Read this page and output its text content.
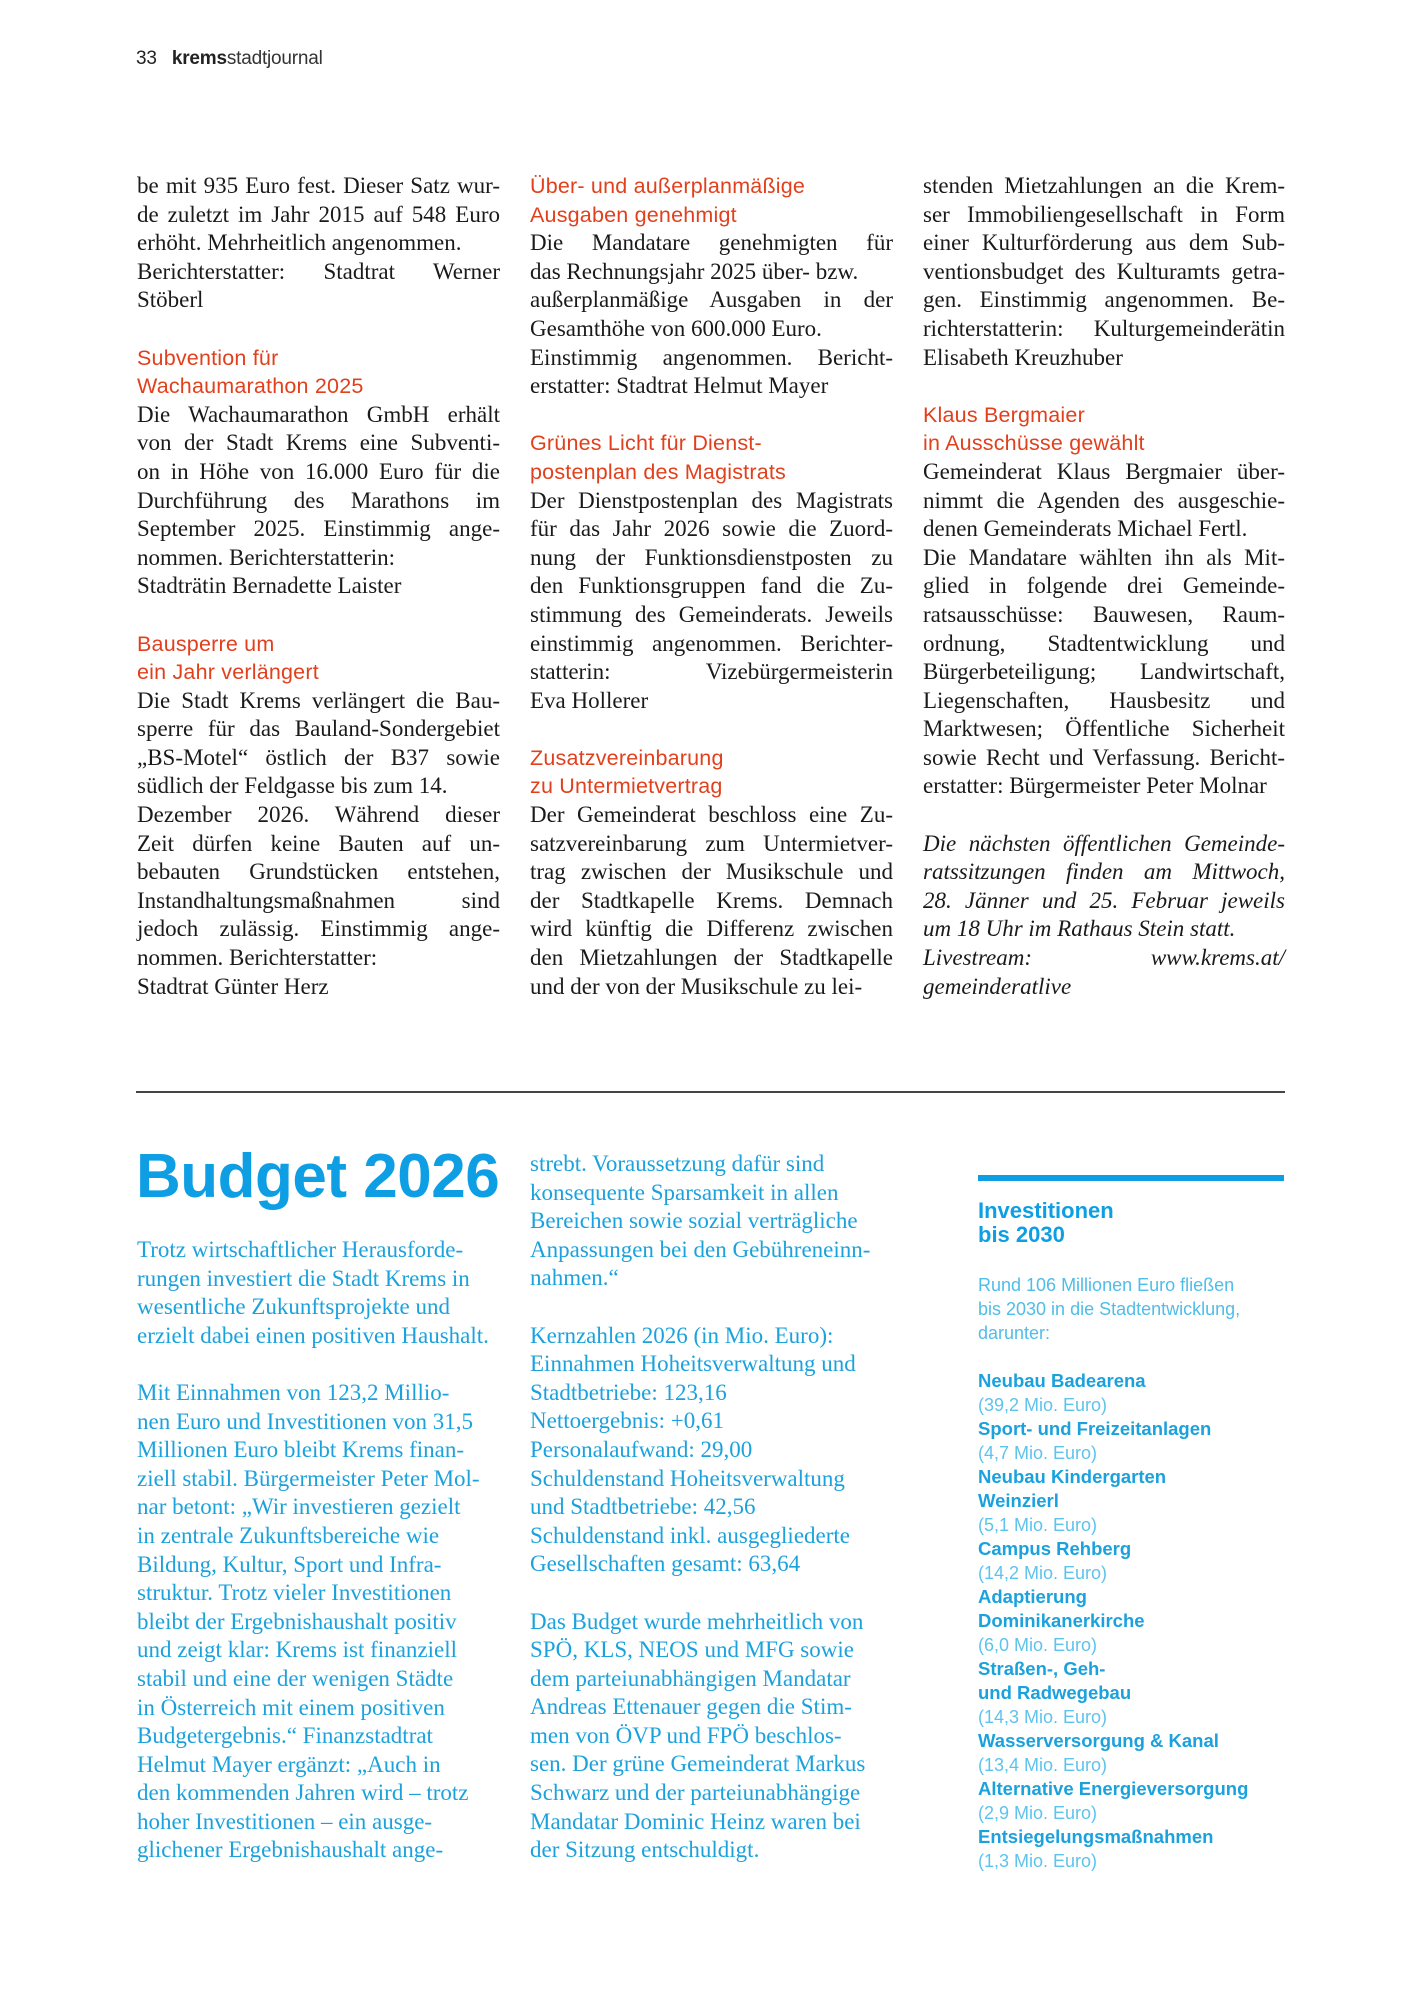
33 kremsstadtjournal
be mit 935 Euro fest. Dieser Satz wur-
de zuletzt im Jahr 2015 auf 548 Euro
erhöht. Mehrheitlich angenommen.
Berichterstatter: Stadtrat Werner
Stöberl
Subvention für
Wachaumarathon 2025
Die Wachaumarathon GmbH erhält
von der Stadt Krems eine Subventi-
on in Höhe von 16.000 Euro für die
Durchführung des Marathons im
September 2025. Einstimmig ange-
nommen. Berichterstatterin:
Stadträtin Bernadette Laister
Bausperre um
ein Jahr verlängert
Die Stadt Krems verlängert die Bau-
sperre für das Bauland-Sondergebiet
„BS-Motel“ östlich der B37 sowie
südlich der Feldgasse bis zum 14.
Dezember 2026. Während dieser
Zeit dürfen keine Bauten auf un-
bebauten Grundstücken entstehen,
Instandhaltungsmaßnahmen sind
jedoch zulässig. Einstimmig ange-
nommen. Berichterstatter:
Stadtrat Günter Herz
Über- und außerplanmäßige
Ausgaben genehmigt
Die Mandatare genehmigten für
das Rechnungsjahr 2025 über- bzw.
außerplanmäßige Ausgaben in der
Gesamthöhe von 600.000 Euro.
Einstimmig angenommen. Bericht-
erstatter: Stadtrat Helmut Mayer
Grünes Licht für Dienst-
postenplan des Magistrats
Der Dienstpostenplan des Magistrats
für das Jahr 2026 sowie die Zuord-
nung der Funktionsdienstposten zu
den Funktionsgruppen fand die Zu-
stimmung des Gemeinderats. Jeweils
einstimmig angenommen. Berichter-
statterin: Vizebürgermeisterin
Eva Hollerer
Zusatzvereinbarung
zu Untermietvertrag
Der Gemeinderat beschloss eine Zu-
satzvereinbarung zum Untermietver-
trag zwischen der Musikschule und
der Stadtkapelle Krems. Demnach
wird künftig die Differenz zwischen
den Mietzahlungen der Stadtkapelle
und der von der Musikschule zu lei-
stenden Mietzahlungen an die Krem-
ser Immobiliengesellschaft in Form
einer Kulturförderung aus dem Sub-
ventionsbudget des Kulturamts getra-
gen. Einstimmig angenommen. Be-
richterstatterin: Kulturgemeinderätin
Elisabeth Kreuzhuber
Klaus Bergmaier
in Ausschüsse gewählt
Gemeinderat Klaus Bergmaier über-
nimmt die Agenden des ausgeschie-
denen Gemeinderats Michael Fertl.
Die Mandatare wählten ihn als Mit-
glied in folgende drei Gemeinde-
ratsausschüsse: Bauwesen, Raum-
ordnung, Stadtentwicklung und
Bürgerbeteiligung; Landwirtschaft,
Liegenschaften, Hausbesitz und
Marktwesen; Öffentliche Sicherheit
sowie Recht und Verfassung. Bericht-
erstatter: Bürgermeister Peter Molnar
Die nächsten öffentlichen Gemeinde-
ratssitzungen finden am Mittwoch,
28. Jänner und 25. Februar jeweils
um 18 Uhr im Rathaus Stein statt.
Livestream: www.krems.at/
gemeinderatlive
Budget 2026
Trotz wirtschaftlicher Herausforde-
rungen investiert die Stadt Krems in
wesentliche Zukunftsprojekte und
erzielt dabei einen positiven Haushalt.
Mit Einnahmen von 123,2 Millio-
nen Euro und Investitionen von 31,5
Millionen Euro bleibt Krems finan-
ziell stabil. Bürgermeister Peter Mol-
nar betont: „Wir investieren gezielt
in zentrale Zukunftsbereiche wie
Bildung, Kultur, Sport und Infra-
struktur. Trotz vieler Investitionen
bleibt der Ergebnishaushalt positiv
und zeigt klar: Krems ist finanziell
stabil und eine der wenigen Städte
in Österreich mit einem positiven
Budgetergebnis.“ Finanzstadtrat
Helmut Mayer ergänzt: „Auch in
den kommenden Jahren wird – trotz
hoher Investitionen – ein ausge-
glichener Ergebnishaushalt ange-
strebt. Voraussetzung dafür sind
konsequente Sparsamkeit in allen
Bereichen sowie sozial verträgliche
Anpassungen bei den Gebühreneinn-
nahmen.“
Kernzahlen 2026 (in Mio. Euro):
Einnahmen Hoheitsverwaltung und
Stadtbetriebe: 123,16
Nettoergebnis: +0,61
Personalaufwand: 29,00
Schuldenstand Hoheitsverwaltung
und Stadtbetriebe: 42,56
Schuldenstand inkl. ausgegliederte
Gesellschaften gesamt: 63,64
Das Budget wurde mehrheitlich von
SPÖ, KLS, NEOS und MFG sowie
dem parteiunabhängigen Mandatar
Andreas Ettenauer gegen die Stim-
men von ÖVP und FPÖ beschlos-
sen. Der grüne Gemeinderat Markus
Schwarz und der parteiunabhängige
Mandatar Dominic Heinz waren bei
der Sitzung entschuldigt.
Investitionen
bis 2030
Rund 106 Millionen Euro fließen
bis 2030 in die Stadtentwicklung,
darunter:
Neubau Badearena
(39,2 Mio. Euro)
Sport- und Freizeitanlagen
(4,7 Mio. Euro)
Neubau Kindergarten
Weinzierl
(5,1 Mio. Euro)
Campus Rehberg
(14,2 Mio. Euro)
Adaptierung
Dominikanerkirche
(6,0 Mio. Euro)
Straßen-, Geh-
und Radwegebau
(14,3 Mio. Euro)
Wasserversorgung & Kanal
(13,4 Mio. Euro)
Alternative Energieversorgung
(2,9 Mio. Euro)
Entsiegelungsmaßnahmen
(1,3 Mio. Euro)
